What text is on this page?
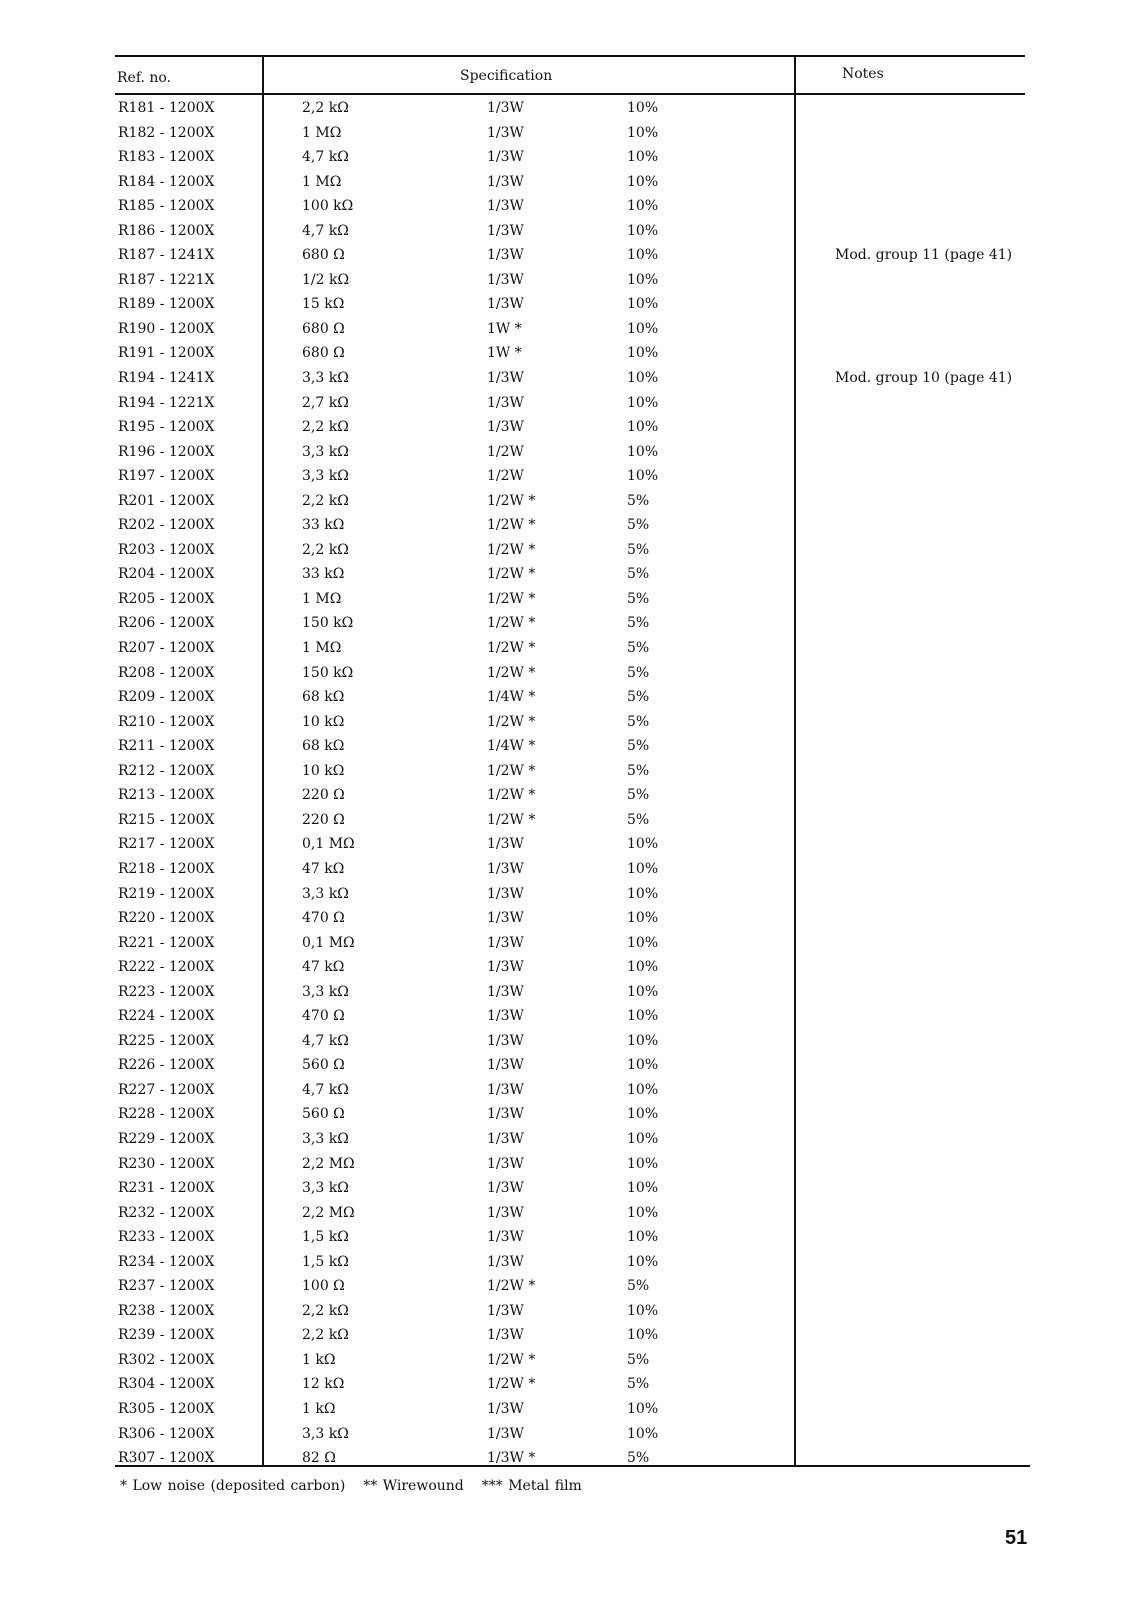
Ref. no.	Specification	Notes
R181 - 1200X	2,2 kΩ	1/3W	10%
R182 - 1200X	1 MΩ	1/3W	10%
R183 - 1200X	4,7 kΩ	1/3W	10%
R184 - 1200X	1 MΩ	1/3W	10%
R185 - 1200X	100 kΩ	1/3W	10%
R186 - 1200X	4,7 kΩ	1/3W	10%
R187 - 1241X	680 Ω	1/3W	10%	Mod. group 11 (page 41)
R187 - 1221X	1/2 kΩ	1/3W	10%
R189 - 1200X	15 kΩ	1/3W	10%
R190 - 1200X	680 Ω	1W *	10%
R191 - 1200X	680 Ω	1W *	10%
R194 - 1241X	3,3 kΩ	1/3W	10%	Mod. group 10 (page 41)
R194 - 1221X	2,7 kΩ	1/3W	10%
R195 - 1200X	2,2 kΩ	1/3W	10%
R196 - 1200X	3,3 kΩ	1/2W	10%
R197 - 1200X	3,3 kΩ	1/2W	10%
R201 - 1200X	2,2 kΩ	1/2W *	5%
R202 - 1200X	33 kΩ	1/2W *	5%
R203 - 1200X	2,2 kΩ	1/2W *	5%
R204 - 1200X	33 kΩ	1/2W *	5%
R205 - 1200X	1 MΩ	1/2W *	5%
R206 - 1200X	150 kΩ	1/2W *	5%
R207 - 1200X	1 MΩ	1/2W *	5%
R208 - 1200X	150 kΩ	1/2W *	5%
R209 - 1200X	68 kΩ	1/4W *	5%
R210 - 1200X	10 kΩ	1/2W *	5%
R211 - 1200X	68 kΩ	1/4W *	5%
R212 - 1200X	10 kΩ	1/2W *	5%
R213 - 1200X	220 Ω	1/2W *	5%
R215 - 1200X	220 Ω	1/2W *	5%
R217 - 1200X	0,1 MΩ	1/3W	10%
R218 - 1200X	47 kΩ	1/3W	10%
R219 - 1200X	3,3 kΩ	1/3W	10%
R220 - 1200X	470 Ω	1/3W	10%
R221 - 1200X	0,1 MΩ	1/3W	10%
R222 - 1200X	47 kΩ	1/3W	10%
R223 - 1200X	3,3 kΩ	1/3W	10%
R224 - 1200X	470 Ω	1/3W	10%
R225 - 1200X	4,7 kΩ	1/3W	10%
R226 - 1200X	560 Ω	1/3W	10%
R227 - 1200X	4,7 kΩ	1/3W	10%
R228 - 1200X	560 Ω	1/3W	10%
R229 - 1200X	3,3 kΩ	1/3W	10%
R230 - 1200X	2,2 MΩ	1/3W	10%
R231 - 1200X	3,3 kΩ	1/3W	10%
R232 - 1200X	2,2 MΩ	1/3W	10%
R233 - 1200X	1,5 kΩ	1/3W	10%
R234 - 1200X	1,5 kΩ	1/3W	10%
R237 - 1200X	100 Ω	1/2W *	5%
R238 - 1200X	2,2 kΩ	1/3W	10%
R239 - 1200X	2,2 kΩ	1/3W	10%
R302 - 1200X	1 kΩ	1/2W *	5%
R304 - 1200X	12 kΩ	1/2W *	5%
R305 - 1200X	1 kΩ	1/3W	10%
R306 - 1200X	3,3 kΩ	1/3W	10%
R307 - 1200X	82 Ω	1/3W *	5%
* Low noise (deposited carbon) ** Wirewound *** Metal film
51
